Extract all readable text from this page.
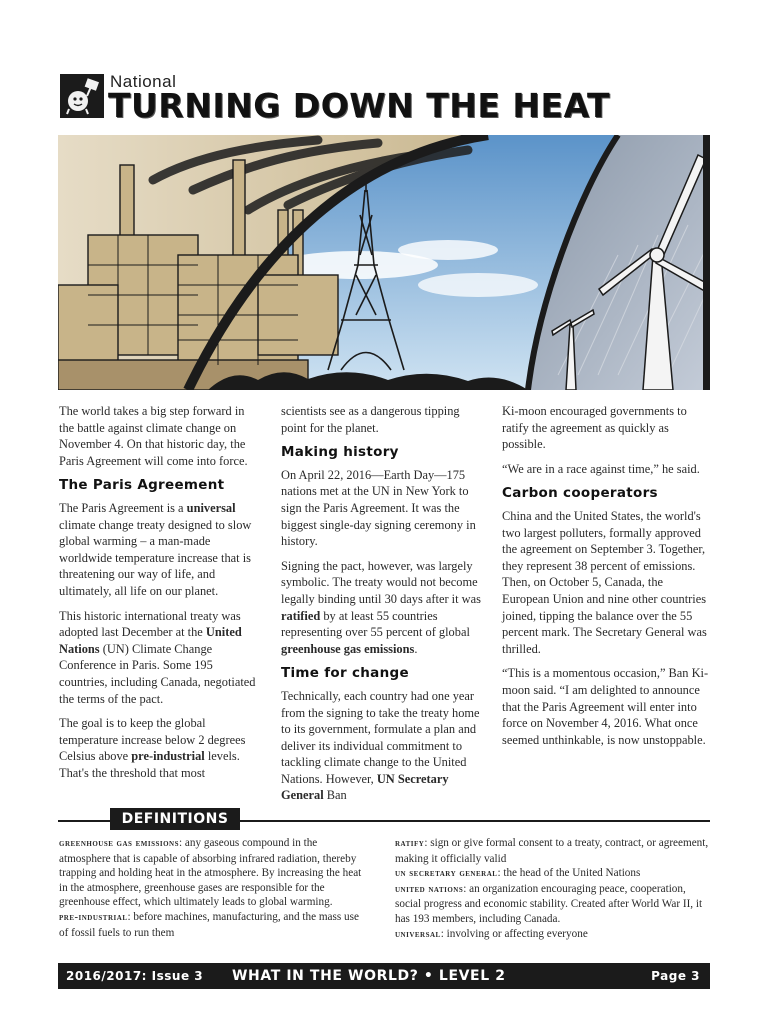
National
TURNING DOWN THE HEAT

The world takes a big step forward in the battle against climate change on November 4. On that historic day, the Paris Agreement will come into force.

The Paris Agreement

The Paris Agreement is a universal climate change treaty designed to slow global warming – a man-made worldwide temperature increase that is threatening our way of life, and ultimately, all life on our planet.

This historic international treaty was adopted last December at the United Nations (UN) Climate Change Conference in Paris. Some 195 countries, including Canada, negotiated the terms of the pact.

The goal is to keep the global temperature increase below 2 degrees Celsius above pre-industrial levels. That's the threshold that most

scientists see as a dangerous tipping point for the planet.

Making history

On April 22, 2016—Earth Day—175 nations met at the UN in New York to sign the Paris Agreement. It was the biggest single-day signing ceremony in history.

Signing the pact, however, was largely symbolic. The treaty would not become legally binding until 30 days after it was ratified by at least 55 countries representing over 55 percent of global greenhouse gas emissions.

Time for change

Technically, each country had one year from the signing to take the treaty home to its government, formulate a plan and deliver its individual commitment to tackling climate change to the United Nations. However, UN Secretary General Ban

Ki-moon encouraged governments to ratify the agreement as quickly as possible.

“We are in a race against time,” he said.

Carbon cooperators

China and the United States, the world's two largest polluters, formally approved the agreement on September 3. Together, they represent 38 percent of emissions. Then, on October 5, Canada, the European Union and nine other countries joined, tipping the balance over the 55 percent mark. The Secretary General was thrilled.

“This is a momentous occasion,” Ban Ki-moon said. “I am delighted to announce that the Paris Agreement will enter into force on November 4, 2016. What once seemed unthinkable, is now unstoppable.

DEFINITIONS

greenhouse gas emissions: any gaseous compound in the atmosphere that is capable of absorbing infrared radiation, thereby trapping and holding heat in the atmosphere. By increasing the heat in the atmosphere, greenhouse gases are responsible for the greenhouse effect, which ultimately leads to global warming.

pre-industrial: before machines, manufacturing, and the mass use of fossil fuels to run them

ratify: sign or give formal consent to a treaty, contract, or agreement, making it officially valid

un secretary general: the head of the United Nations

united nations: an organization encouraging peace, cooperation, social progress and economic stability. Created after World War II, it has 193 members, including Canada.

universal: involving or affecting everyone

2016/2017: Issue 3 WHAT IN THE WORLD? • LEVEL 2	Page 3
